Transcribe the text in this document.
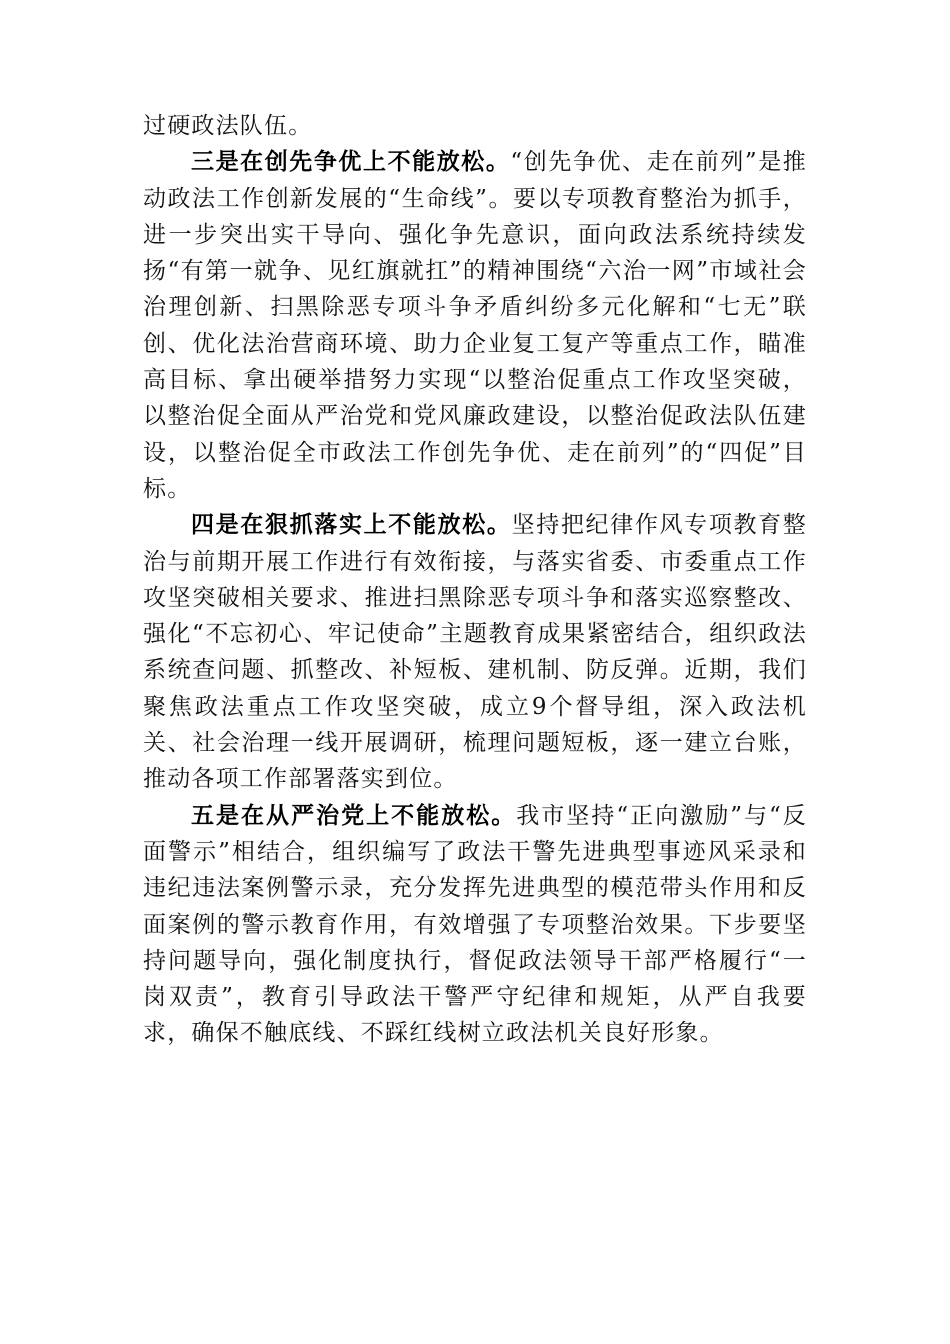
过硬政法队伍。

三是在创先争优上不能放松。“创先争优、走在前列”是推动政法工作创新发展的“生命线”。要以专项教育整治为抓手，进一步突出实干导向、强化争先意识，面向政法系统持续发扬“有第一就争、见红旗就扛”的精神围绕“六治一网”市域社会治理创新、扫黑除恶专项斗争矛盾纠纷多元化解和“七无”联创、优化法治营商环境、助力企业复工复产等重点工作，瞄准高目标、拿出硬举措努力实现“以整治促重点工作攻坚突破，以整治促全面从严治党和党风廉政建设，以整治促政法队伍建设，以整治促全市政法工作创先争优、走在前列”的“四促”目标。

四是在狠抓落实上不能放松。坚持把纪律作风专项教育整治与前期开展工作进行有效衔接，与落实省委、市委重点工作攻坚突破相关要求、推进扫黑除恶专项斗争和落实巡察整改、强化“不忘初心、牢记使命”主题教育成果紧密结合，组织政法系统查问题、抓整改、补短板、建机制、防反弹。近期，我们聚焦政法重点工作攻坚突破，成立9个督导组，深入政法机关、社会治理一线开展调研，梳理问题短板，逐一建立台账，推动各项工作部署落实到位。

五是在从严治党上不能放松。我市坚持“正向激励”与“反面警示”相结合，组织编写了政法干警先进典型事迹风采录和违纪违法案例警示录，充分发挥先进典型的模范带头作用和反面案例的警示教育作用，有效增强了专项整治效果。下步要坚持问题导向，强化制度执行，督促政法领导干部严格履行“一岗双责”，教育引导政法干警严守纪律和规矩，从严自我要求，确保不触底线、不踩红线树立政法机关良好形象。
